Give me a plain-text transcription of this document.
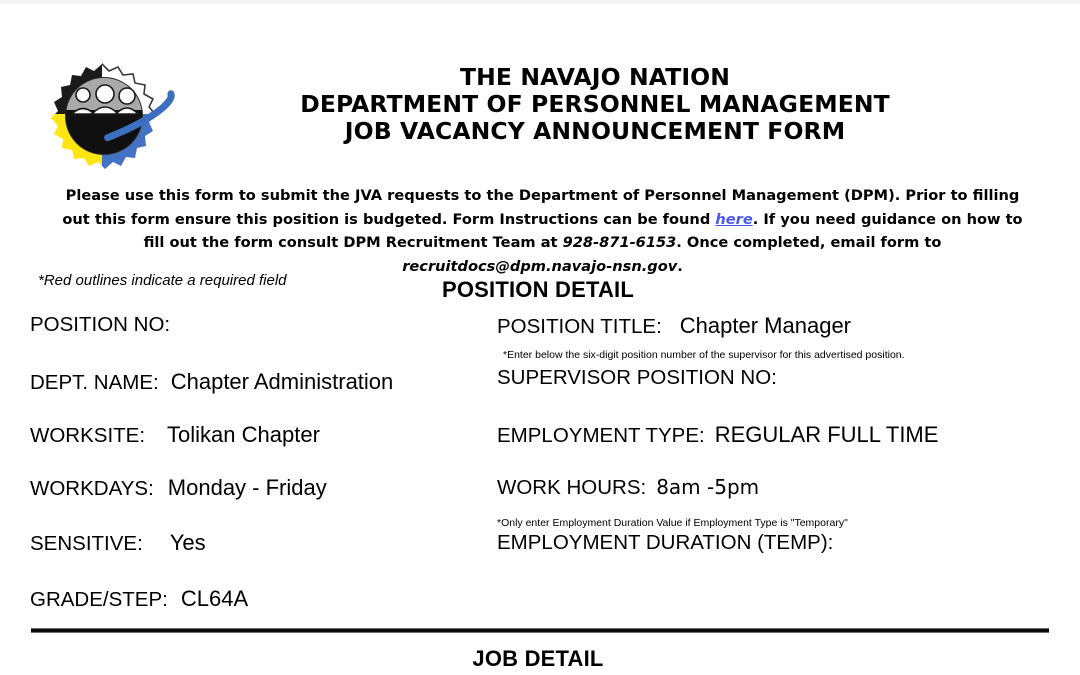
THE NAVAJO NATION
DEPARTMENT OF PERSONNEL MANAGEMENT
JOB VACANCY ANNOUNCEMENT FORM

Please use this form to submit the JVA requests to the Department of Personnel Management (DPM). Prior to filling out this form ensure this position is budgeted. Form Instructions can be found here. If you need guidance on how to fill out the form consult DPM Recruitment Team at 928-871-6153. Once completed, email form to recruitdocs@dpm.navajo-nsn.gov.

*Red outlines indicate a required field	POSITION DETAIL
POSITION NO:
DEPT. NAME: Chapter Administration
WORKSITE: Tolikan Chapter
WORKDAYS: Monday - Friday
SENSITIVE: Yes
GRADE/STEP: CL64A
POSITION TITLE: Chapter Manager
*Enter below the six-digit position number of the supervisor for this advertised position.
SUPERVISOR POSITION NO:
EMPLOYMENT TYPE: REGULAR FULL TIME
WORK HOURS: 8am -5pm
*Only enter Employment Duration Value if Employment Type is "Temporary"
EMPLOYMENT DURATION (TEMP):
JOB DETAIL
